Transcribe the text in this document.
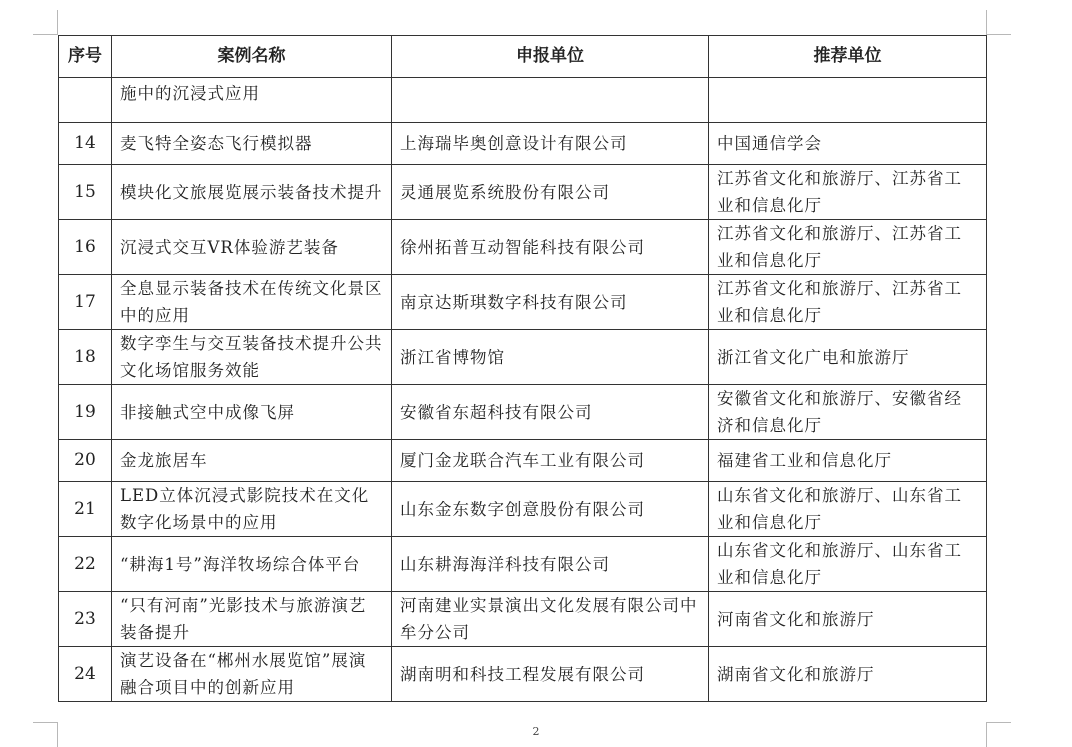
序号	案例名称	申报单位	推荐单位
	施中的沉浸式应用		
14	麦飞特全姿态飞行模拟器	上海瑞毕奥创意设计有限公司	中国通信学会
15	模块化文旅展览展示装备技术提升	灵通展览系统股份有限公司	江苏省文化和旅游厅、江苏省工业和信息化厅
16	沉浸式交互VR体验游艺装备	徐州拓普互动智能科技有限公司	江苏省文化和旅游厅、江苏省工业和信息化厅
17	全息显示装备技术在传统文化景区中的应用	南京达斯琪数字科技有限公司	江苏省文化和旅游厅、江苏省工业和信息化厅
18	数字孪生与交互装备技术提升公共文化场馆服务效能	浙江省博物馆	浙江省文化广电和旅游厅
19	非接触式空中成像飞屏	安徽省东超科技有限公司	安徽省文化和旅游厅、安徽省经济和信息化厅
20	金龙旅居车	厦门金龙联合汽车工业有限公司	福建省工业和信息化厅
21	LED立体沉浸式影院技术在文化数字化场景中的应用	山东金东数字创意股份有限公司	山东省文化和旅游厅、山东省工业和信息化厅
22	“耕海1号”海洋牧场综合体平台	山东耕海海洋科技有限公司	山东省文化和旅游厅、山东省工业和信息化厅
23	“只有河南”光影技术与旅游演艺装备提升	河南建业实景演出文化发展有限公司中牟分公司	河南省文化和旅游厅
24	演艺设备在“郴州水展览馆”展演融合项目中的创新应用	湖南明和科技工程发展有限公司	湖南省文化和旅游厅
2
